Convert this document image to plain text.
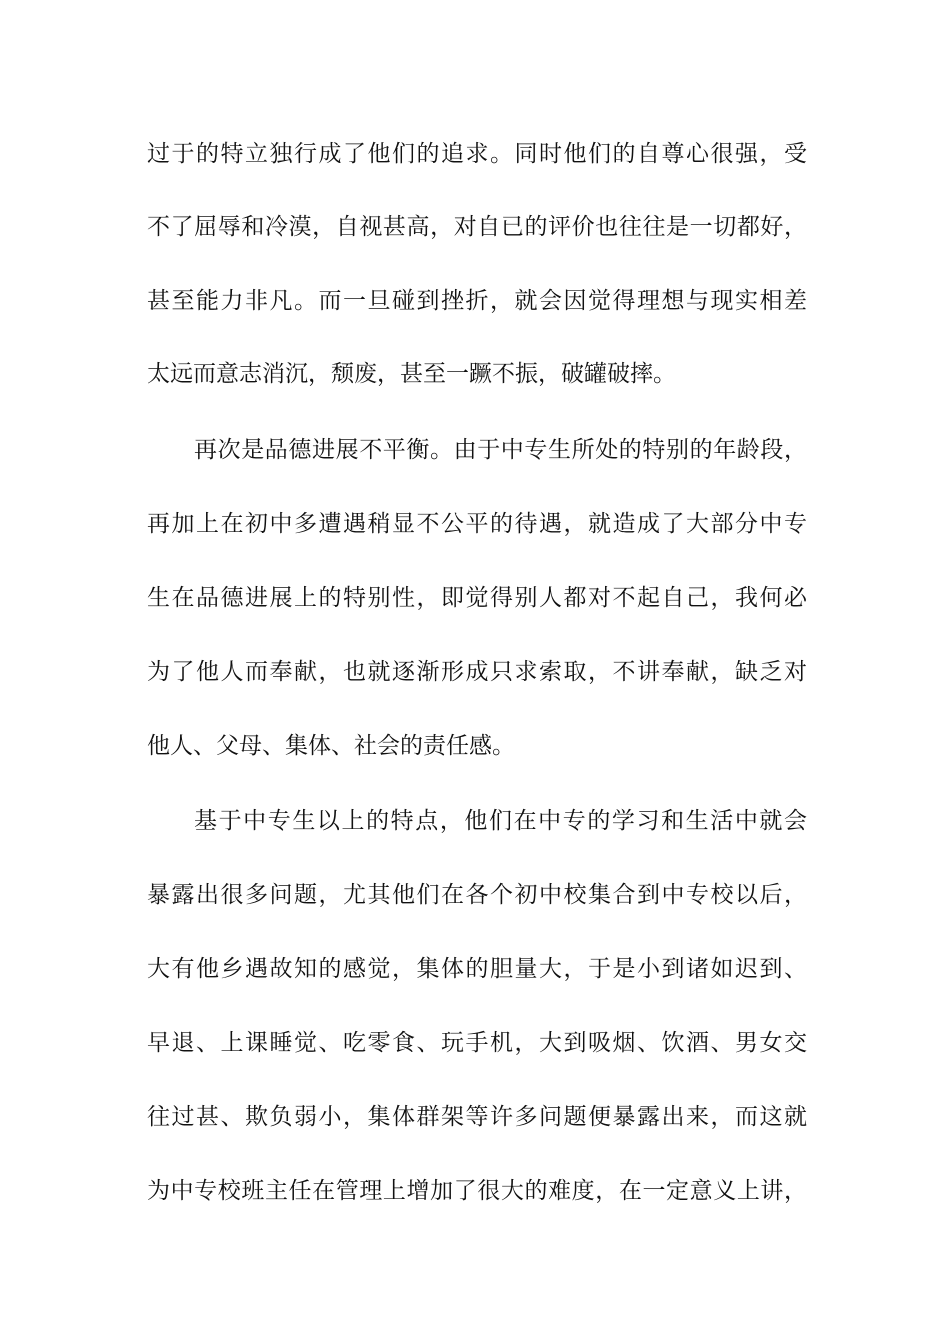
过于的特立独行成了他们的追求。同时他们的自尊心很强，受
不了屈辱和冷漠，自视甚高，对自已的评价也往往是一切都好，
甚至能力非凡。而一旦碰到挫折，就会因觉得理想与现实相差
太远而意志消沉，颓废，甚至一蹶不振，破罐破摔。
再次是品德进展不平衡。由于中专生所处的特别的年龄段，
再加上在初中多遭遇稍显不公平的待遇，就造成了大部分中专
生在品德进展上的特别性，即觉得别人都对不起自己，我何必
为了他人而奉献，也就逐渐形成只求索取，不讲奉献，缺乏对
他人、父母、集体、社会的责任感。
基于中专生以上的特点，他们在中专的学习和生活中就会
暴露出很多问题，尤其他们在各个初中校集合到中专校以后，
大有他乡遇故知的感觉，集体的胆量大，于是小到诸如迟到、
早退、上课睡觉、吃零食、玩手机，大到吸烟、饮酒、男女交
往过甚、欺负弱小，集体群架等许多问题便暴露出来，而这就
为中专校班主任在管理上增加了很大的难度，在一定意义上讲，
